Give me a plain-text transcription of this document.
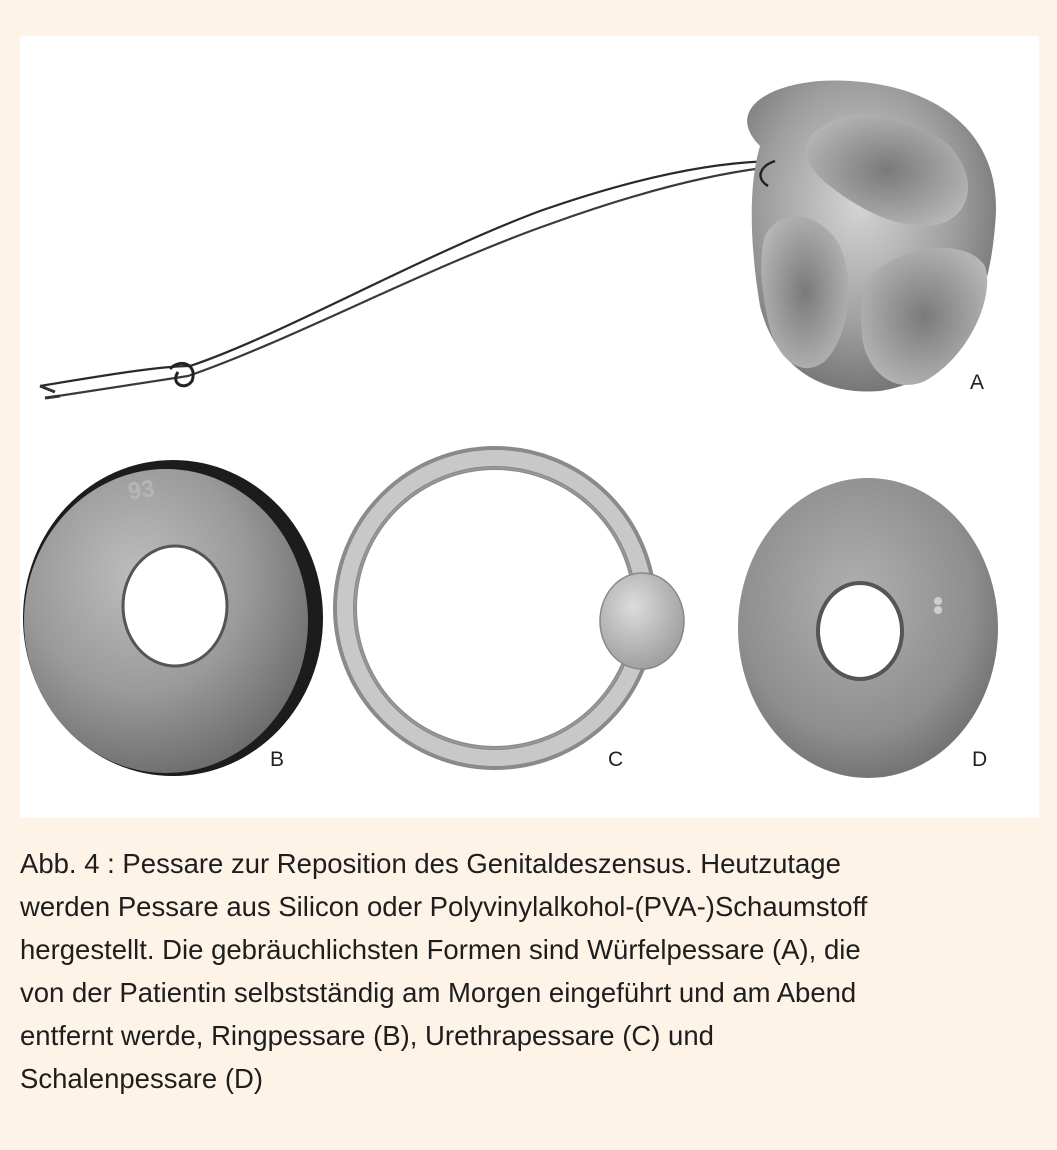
A
93
B	C	D
Abb. 4 : Pessare zur Reposition des Genitaldeszensus. Heutzutage
werden Pessare aus Silicon oder Polyvinylalkohol-(PVA-)Schaumstoff
hergestellt. Die gebräuchlichsten Formen sind Würfelpessare (A), die
von der Patientin selbstständig am Morgen eingeführt und am Abend
entfernt werde, Ringpessare (B), Urethrapessare (C) und
Schalenpessare (D)
